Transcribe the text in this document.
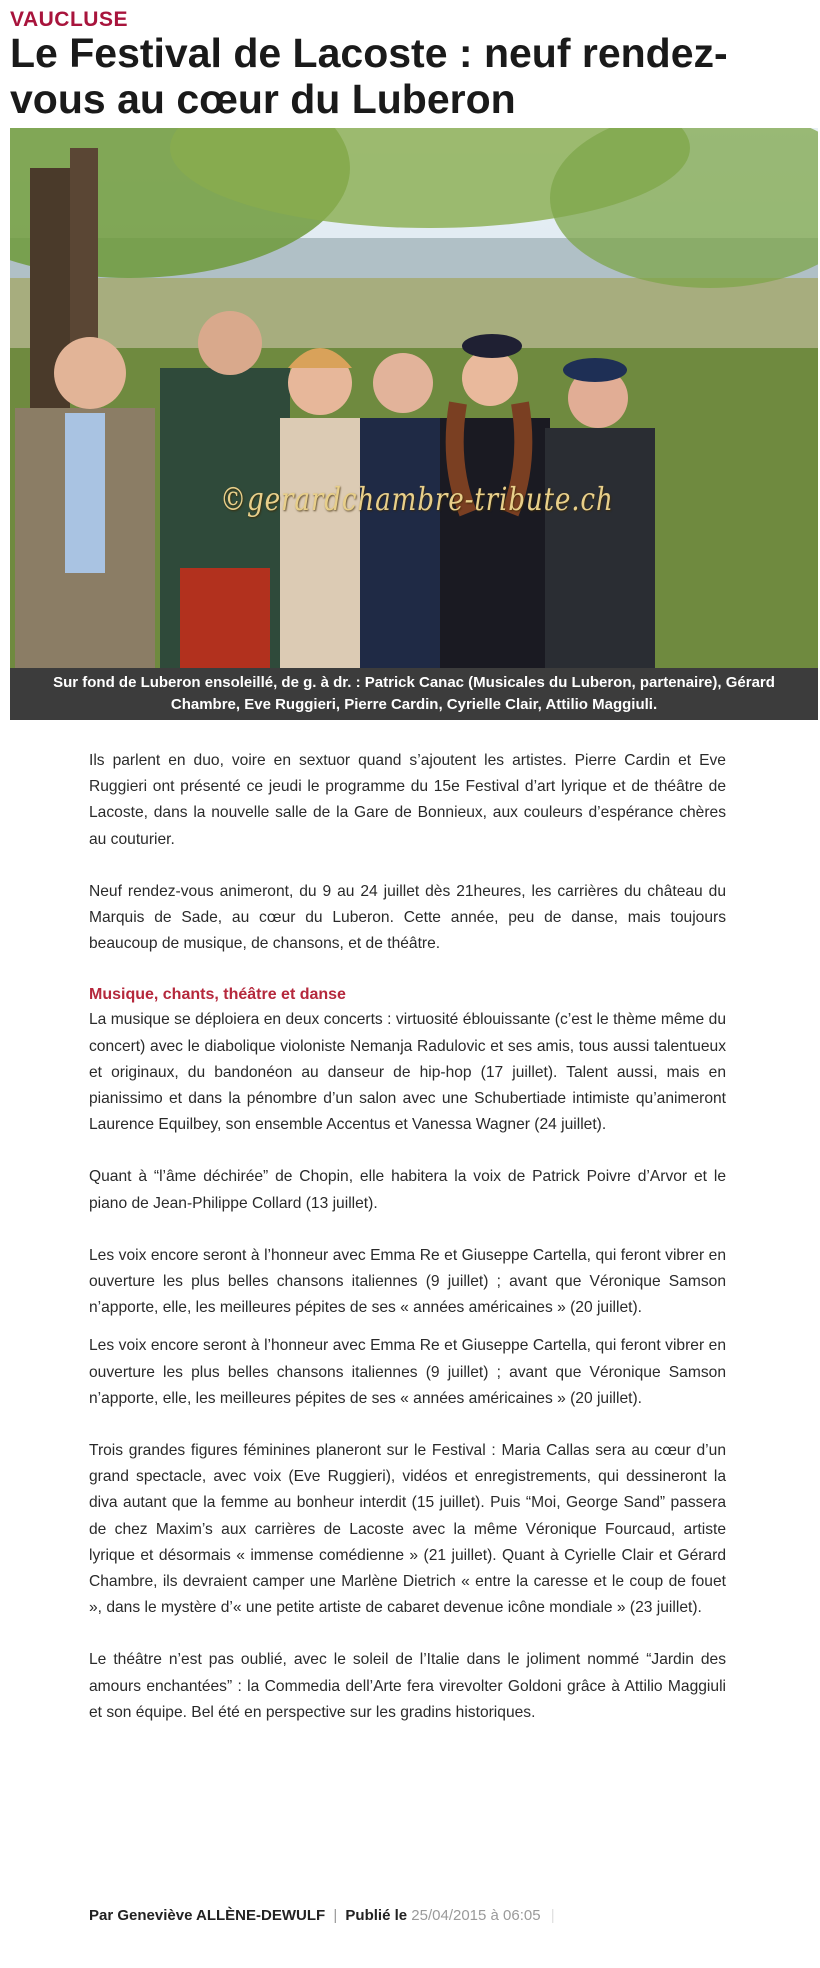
VAUCLUSE
Le Festival de Lacoste : neuf rendez-vous au cœur du Luberon
©gerardchambre-tribute.ch
Sur fond de Luberon ensoleillé, de g. à dr. : Patrick Canac (Musicales du Luberon, partenaire), Gérard Chambre, Eve Ruggieri, Pierre Cardin, Cyrielle Clair, Attilio Maggiuli.

Ils parlent en duo, voire en sextuor quand s’ajoutent les artistes. Pierre Cardin et Eve Ruggieri ont présenté ce jeudi le programme du 15e Festival d’art lyrique et de théâtre de Lacoste, dans la nouvelle salle de la Gare de Bonnieux, aux couleurs d’espérance chères au couturier.

Neuf rendez-vous animeront, du 9 au 24 juillet dès 21heures, les carrières du château du Marquis de Sade, au cœur du Luberon. Cette année, peu de danse, mais toujours beaucoup de musique, de chansons, et de théâtre.

Musique, chants, théâtre et danse

La musique se déploiera en deux concerts : virtuosité éblouissante (c’est le thème même du concert) avec le diabolique violoniste Nemanja Radulovic et ses amis, tous aussi talentueux et originaux, du bandonéon au danseur de hip-hop (17 juillet). Talent aussi, mais en pianissimo et dans la pénombre d’un salon avec une Schubertiade intimiste qu’animeront Laurence Equilbey, son ensemble Accentus et Vanessa Wagner (24 juillet).

Quant à “l’âme déchirée” de Chopin, elle habitera la voix de Patrick Poivre d’Arvor et le piano de Jean-Philippe Collard (13 juillet).

Les voix encore seront à l’honneur avec Emma Re et Giuseppe Cartella, qui feront vibrer en ouverture les plus belles chansons italiennes (9 juillet) ; avant que Véronique Samson n’apporte, elle, les meilleures pépites de ses « années américaines » (20 juillet).

Les voix encore seront à l’honneur avec Emma Re et Giuseppe Cartella, qui feront vibrer en ouverture les plus belles chansons italiennes (9 juillet) ; avant que Véronique Samson n’apporte, elle, les meilleures pépites de ses « années américaines » (20 juillet).

Trois grandes figures féminines planeront sur le Festival : Maria Callas sera au cœur d’un grand spectacle, avec voix (Eve Ruggieri), vidéos et enregistrements, qui dessineront la diva autant que la femme au bonheur interdit (15 juillet). Puis “Moi, George Sand” passera de chez Maxim’s aux carrières de Lacoste avec la même Véronique Fourcaud, artiste lyrique et désormais « immense comédienne » (21 juillet). Quant à Cyrielle Clair et Gérard Chambre, ils devraient camper une Marlène Dietrich « entre la caresse et le coup de fouet », dans le mystère d’« une petite artiste de cabaret devenue icône mondiale » (23 juillet).

Le théâtre n’est pas oublié, avec le soleil de l’Italie dans le joliment nommé “Jardin des amours enchantées” : la Commedia dell’Arte fera virevolter Goldoni grâce à Attilio Maggiuli et son équipe. Bel été en perspective sur les gradins historiques.

Par Geneviève ALLÈNE-DEWULF | Publié le 25/04/2015 à 06:05 |
